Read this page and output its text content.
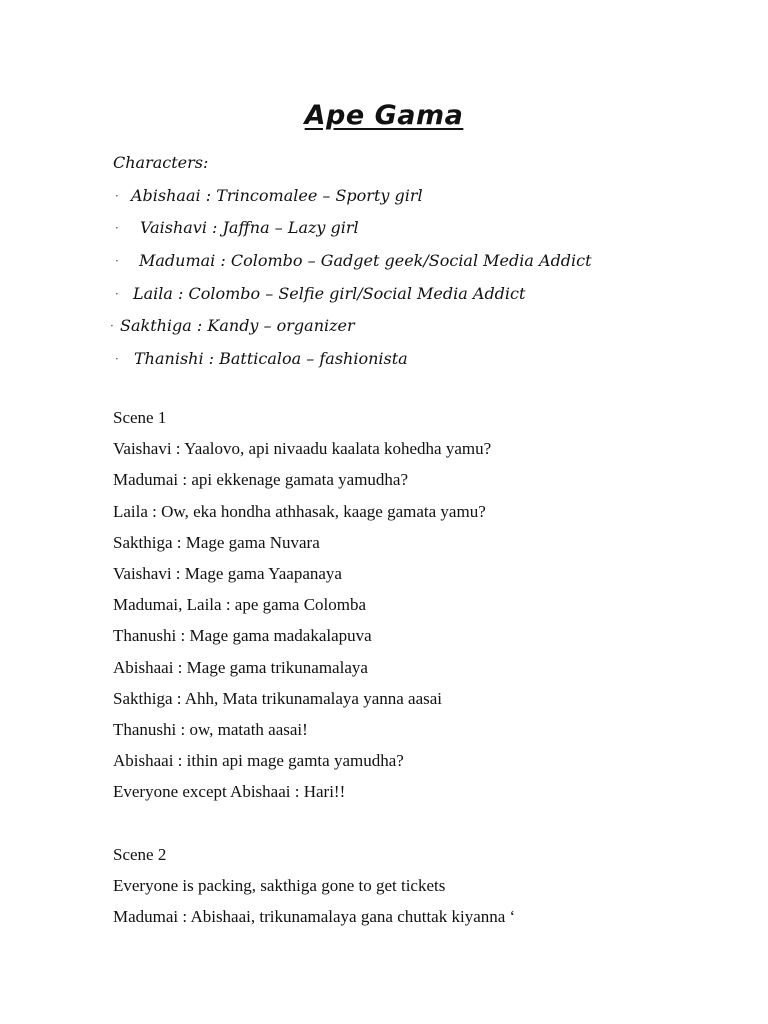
Ape Gama
Characters:
· Abishaai : Trincomalee – Sporty girl
· Vaishavi : Jaffna – Lazy girl
· Madumai : Colombo – Gadget geek/Social Media Addict
· Laila : Colombo – Selfie girl/Social Media Addict
· Sakthiga : Kandy – organizer
· Thanishi : Batticaloa – fashionista
Scene 1
Vaishavi : Yaalovo, api nivaadu kaalata kohedha yamu?
Madumai : api ekkenage gamata yamudha?
Laila : Ow, eka hondha athhasak, kaage gamata yamu?
Sakthiga : Mage gama Nuvara
Vaishavi : Mage gama Yaapanaya
Madumai, Laila : ape gama Colomba
Thanushi : Mage gama madakalapuva
Abishaai : Mage gama trikunamalaya
Sakthiga : Ahh, Mata trikunamalaya yanna aasai
Thanushi : ow, matath aasai!
Abishaai : ithin api mage gamta yamudha?
Everyone except Abishaai : Hari!!
Scene 2
Everyone is packing, sakthiga gone to get tickets
Madumai : Abishaai, trikunamalaya gana chuttak kiyanna ‘
